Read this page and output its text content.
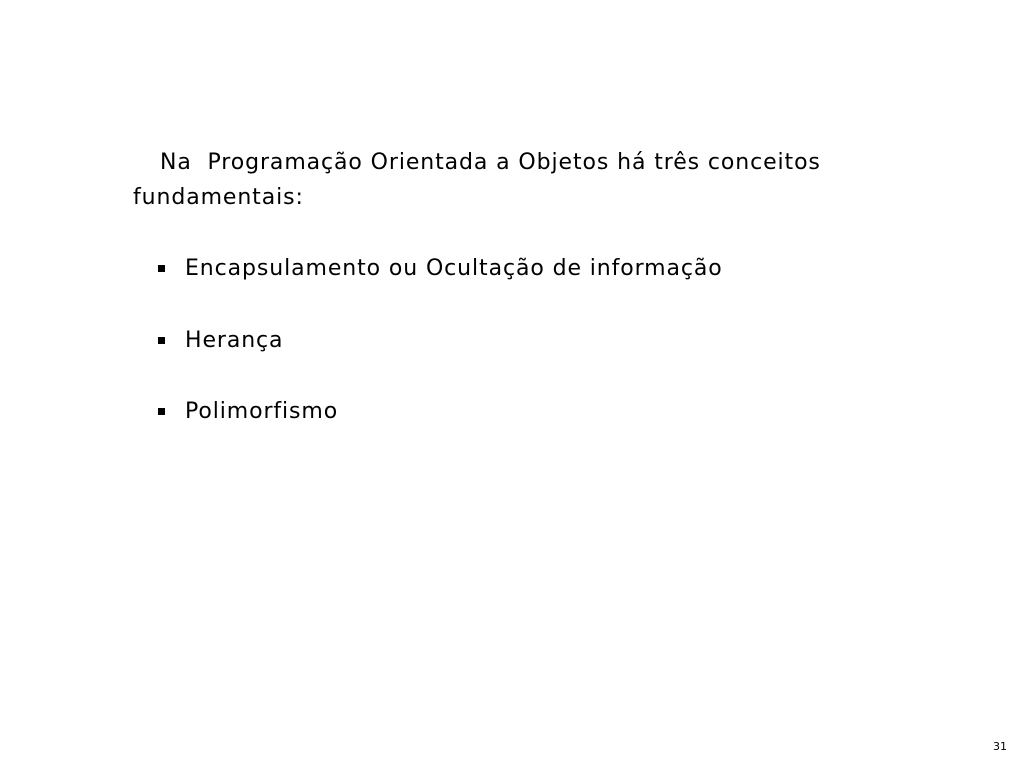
Na  Programação Orientada a Objetos há três conceitos fundamentais:

Encapsulamento ou Ocultação de informação
Herança
Polimorfismo
31
